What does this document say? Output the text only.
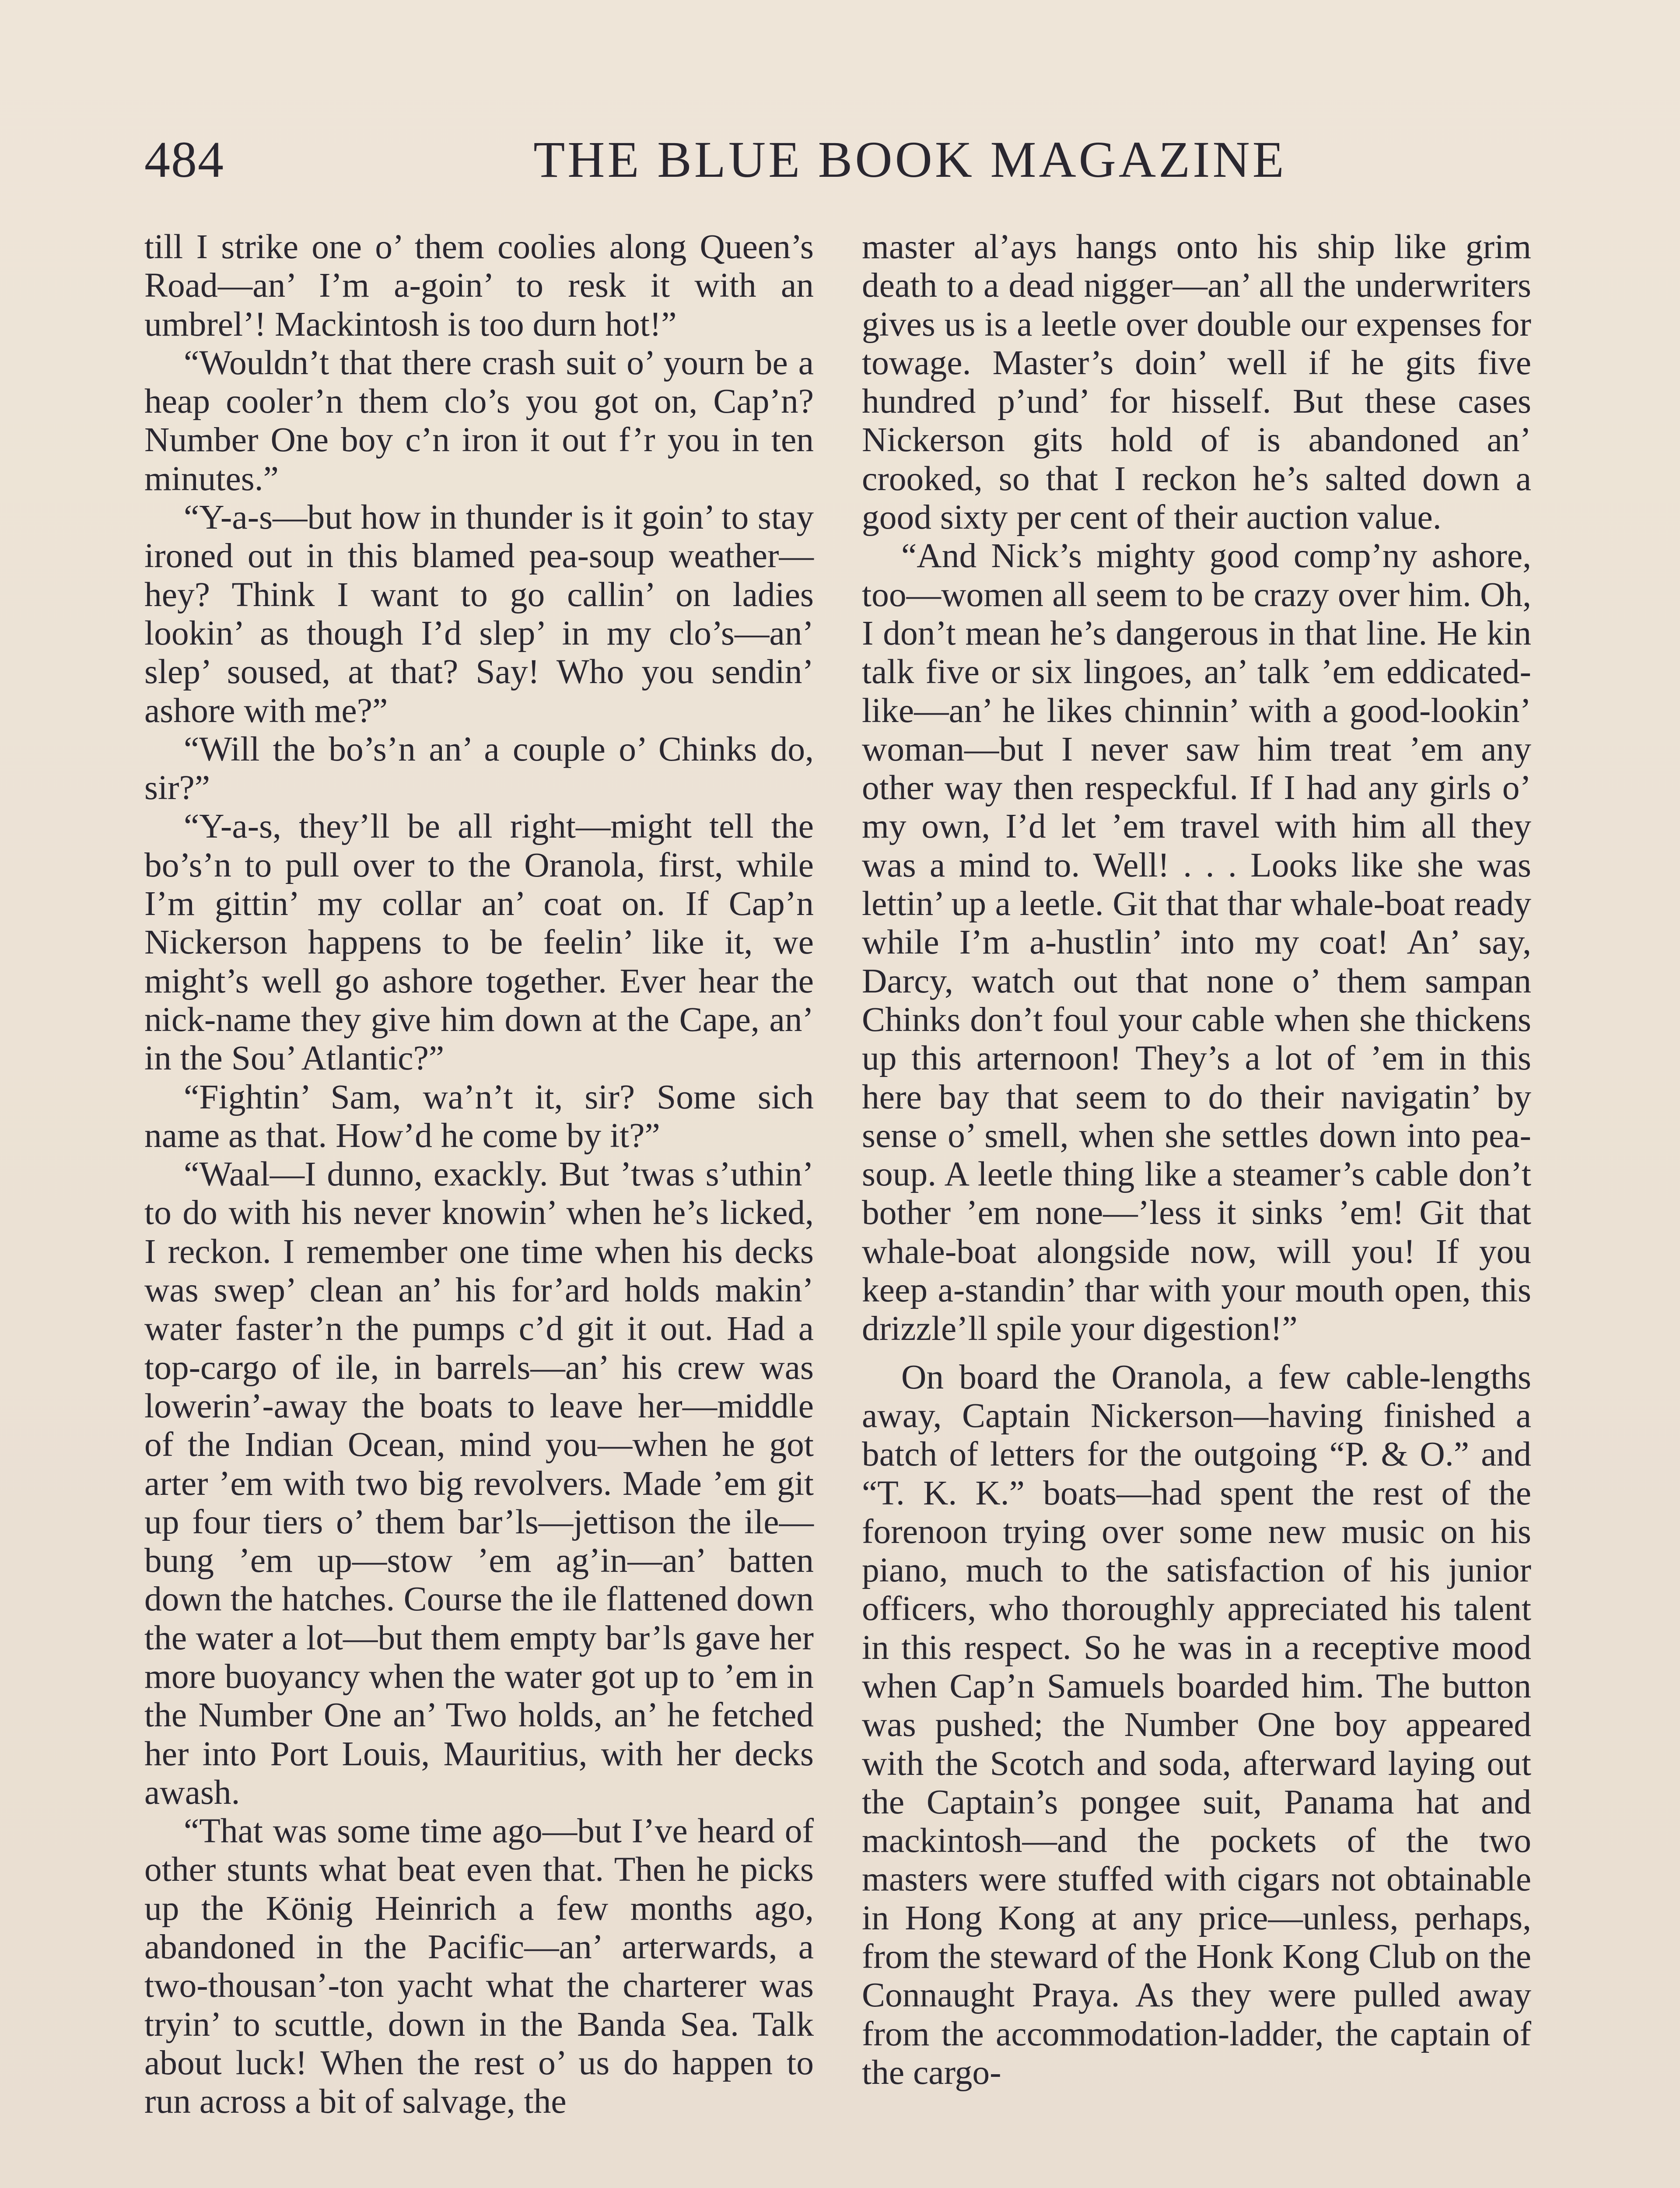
484	THE BLUE BOOK MAGAZINE

till I strike one o’ them coolies along Queen’s Road—an’ I’m a-goin’ to resk it with an umbrel’! Mackintosh is too durn hot!”

“Wouldn’t that there crash suit o’ yourn be a heap cooler’n them clo’s you got on, Cap’n? Number One boy c’n iron it out f’r you in ten minutes.”

“Y-a-s—but how in thunder is it goin’ to stay ironed out in this blamed pea-soup weather—hey? Think I want to go callin’ on ladies lookin’ as though I’d slep’ in my clo’s—an’ slep’ soused, at that? Say! Who you sendin’ ashore with me?”

“Will the bo’s’n an’ a couple o’ Chinks do, sir?”

“Y-a-s, they’ll be all right—might tell the bo’s’n to pull over to the Oranola, first, while I’m gittin’ my collar an’ coat on. If Cap’n Nickerson happens to be feelin’ like it, we might’s well go ashore together. Ever hear the nick-name they give him down at the Cape, an’ in the Sou’ Atlantic?”

“Fightin’ Sam, wa’n’t it, sir? Some sich name as that. How’d he come by it?”

“Waal—I dunno, exackly. But ’twas s’uthin’ to do with his never knowin’ when he’s licked, I reckon. I remember one time when his decks was swep’ clean an’ his for’ard holds makin’ water faster’n the pumps c’d git it out. Had a top-cargo of ile, in barrels—an’ his crew was lowerin’-away the boats to leave her—middle of the Indian Ocean, mind you—when he got arter ’em with two big revolvers. Made ’em git up four tiers o’ them bar’ls—jettison the ile—bung ’em up—stow ’em ag’in—an’ batten down the hatches. Course the ile flattened down the water a lot—but them empty bar’ls gave her more buoyancy when the water got up to ’em in the Number One an’ Two holds, an’ he fetched her into Port Louis, Mauritius, with her decks awash.

“That was some time ago—but I’ve heard of other stunts what beat even that. Then he picks up the König Heinrich a few months ago, abandoned in the Pacific—an’ arterwards, a two-thousan’-ton yacht what the charterer was tryin’ to scuttle, down in the Banda Sea. Talk about luck! When the rest o’ us do happen to run across a bit of salvage, the

master al’ays hangs onto his ship like grim death to a dead nigger—an’ all the underwriters gives us is a leetle over double our expenses for towage. Master’s doin’ well if he gits five hundred p’und’ for hisself. But these cases Nickerson gits hold of is abandoned an’ crooked, so that I reckon he’s salted down a good sixty per cent of their auction value.

“And Nick’s mighty good comp’ny ashore, too—women all seem to be crazy over him. Oh, I don’t mean he’s dangerous in that line. He kin talk five or six lingoes, an’ talk ’em eddicated-like—an’ he likes chinnin’ with a good-lookin’ woman—but I never saw him treat ’em any other way then respeckful. If I had any girls o’ my own, I’d let ’em travel with him all they was a mind to. Well! . . . Looks like she was lettin’ up a leetle. Git that thar whale-boat ready while I’m a-hustlin’ into my coat! An’ say, Darcy, watch out that none o’ them sampan Chinks don’t foul your cable when she thickens up this arternoon! They’s a lot of ’em in this here bay that seem to do their navigatin’ by sense o’ smell, when she settles down into pea-soup. A leetle thing like a steamer’s cable don’t bother ’em none—’less it sinks ’em! Git that whale-boat alongside now, will you! If you keep a-standin’ thar with your mouth open, this drizzle’ll spile your digestion!”

On board the Oranola, a few cable-lengths away, Captain Nickerson—having finished a batch of letters for the outgoing “P. & O.” and “T. K. K.” boats—had spent the rest of the forenoon trying over some new music on his piano, much to the satisfaction of his junior officers, who thoroughly appreciated his talent in this respect. So he was in a receptive mood when Cap’n Samuels boarded him. The button was pushed; the Number One boy appeared with the Scotch and soda, afterward laying out the Captain’s pongee suit, Panama hat and mackintosh—and the pockets of the two masters were stuffed with cigars not obtainable in Hong Kong at any price—unless, perhaps, from the steward of the Honk Kong Club on the Connaught Praya. As they were pulled away from the accommodation-ladder, the captain of the cargo-
